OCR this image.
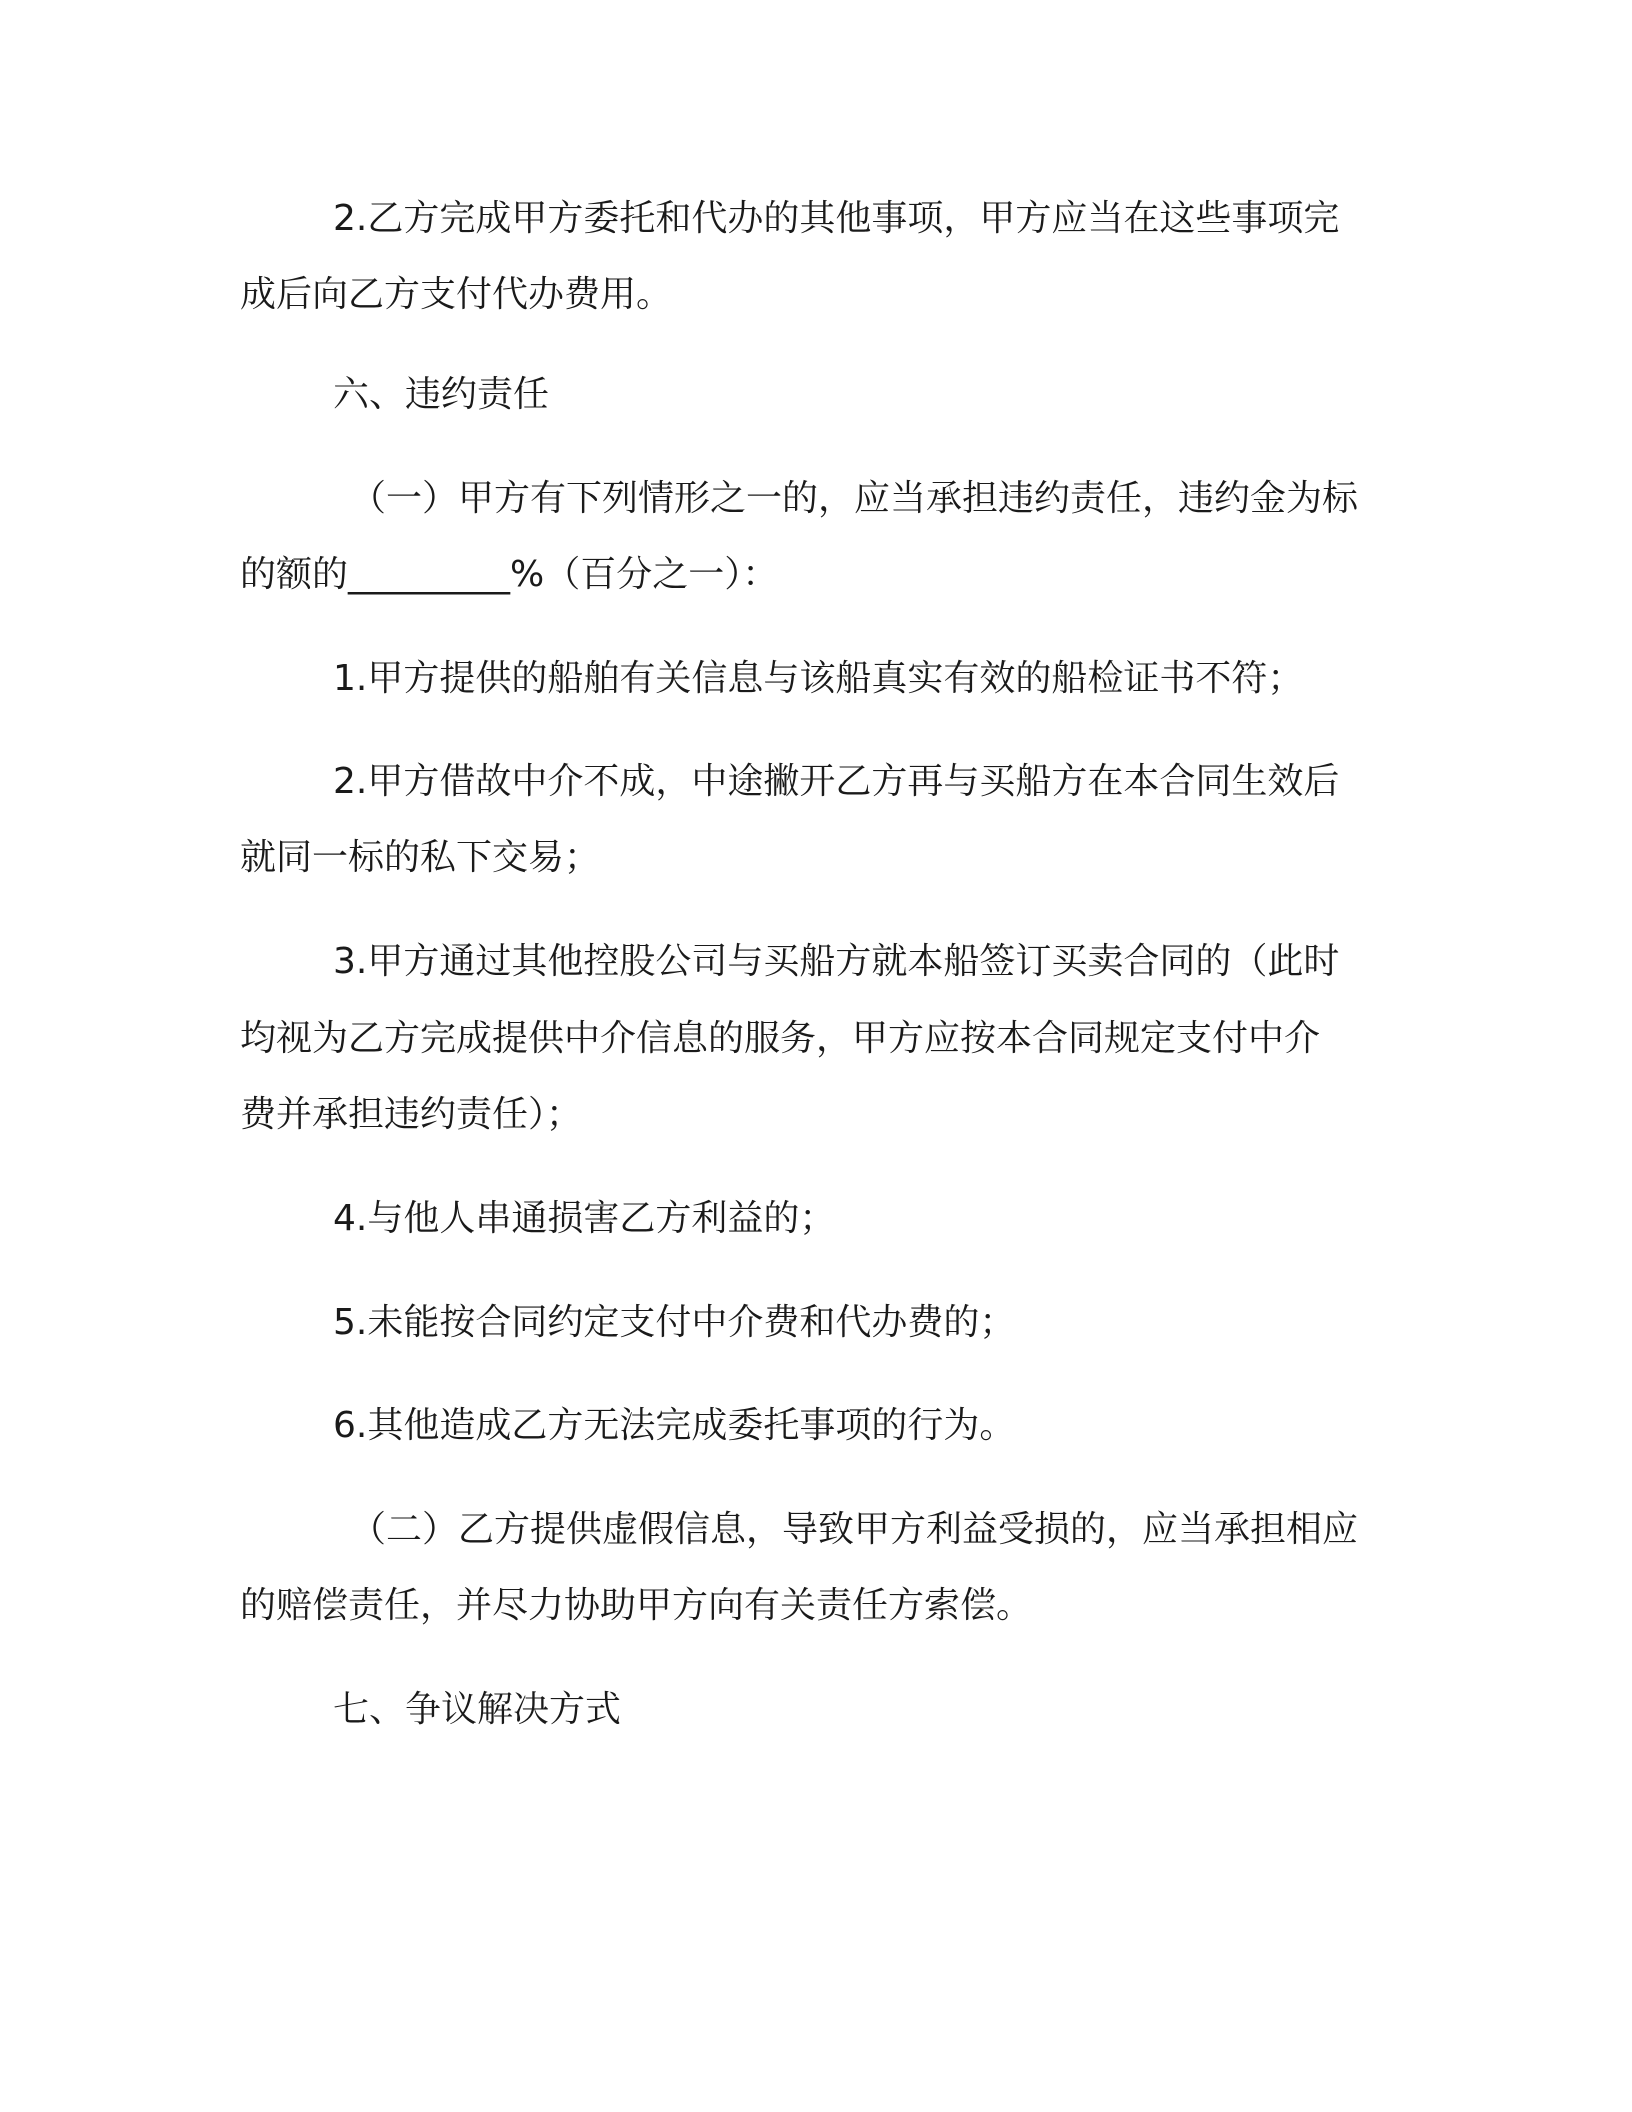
2.乙方完成甲方委托和代办的其他事项，甲方应当在这些事项完

成后向乙方支付代办费用。

六、违约责任

（一）甲方有下列情形之一的，应当承担违约责任，违约金为标

的额的_________%（百分之一）：

1.甲方提供的船舶有关信息与该船真实有效的船检证书不符；

2.甲方借故中介不成，中途撇开乙方再与买船方在本合同生效后

就同一标的私下交易；

3.甲方通过其他控股公司与买船方就本船签订买卖合同的（此时

均视为乙方完成提供中介信息的服务，甲方应按本合同规定支付中介

费并承担违约责任）；

4.与他人串通损害乙方利益的；

5.未能按合同约定支付中介费和代办费的；

6.其他造成乙方无法完成委托事项的行为。

（二）乙方提供虚假信息，导致甲方利益受损的，应当承担相应

的赔偿责任，并尽力协助甲方向有关责任方索偿。

七、争议解决方式
